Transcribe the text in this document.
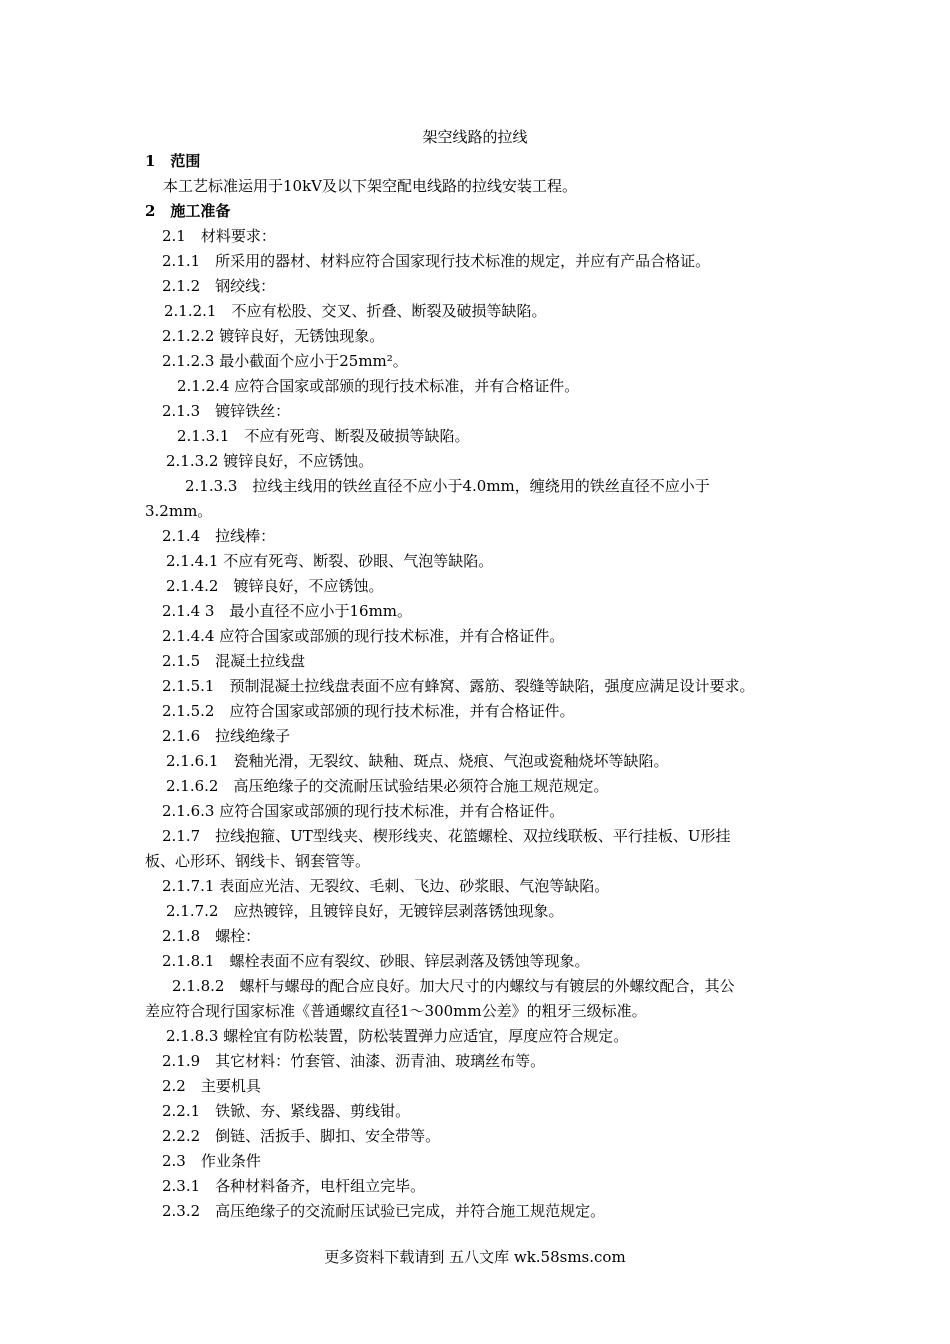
架空线路的拉线
1　范围
本工艺标准运用于10kV及以下架空配电线路的拉线安装工程。
2　施工准备
2.1　材料要求：
2.1.1　所采用的器材、材料应符合国家现行技术标准的规定，并应有产品合格证。
2.1.2　钢绞线：
2.1.2.1　不应有松股、交叉、折叠、断裂及破损等缺陷。
2.1.2.2 镀锌良好，无锈蚀现象。
2.1.2.3 最小截面个应小于25mm²。
2.1.2.4 应符合国家或部颁的现行技术标准，并有合格证件。
2.1.3　镀锌铁丝：
2.1.3.1　不应有死弯、断裂及破损等缺陷。
2.1.3.2 镀锌良好，不应锈蚀。
2.1.3.3　拉线主线用的铁丝直径不应小于4.0mm，缠绕用的铁丝直径不应小于
3.2mm。
2.1.4　拉线棒：
2.1.4.1 不应有死弯、断裂、砂眼、气泡等缺陷。
2.1.4.2　镀锌良好，不应锈蚀。
2.1.4 3　最小直径不应小于16mm。
2.1.4.4 应符合国家或部颁的现行技术标准，并有合格证件。
2.1.5　混凝土拉线盘
2.1.5.1　预制混凝土拉线盘表面不应有蜂窝、露筋、裂缝等缺陷，强度应满足设计要求。
2.1.5.2　应符合国家或部颁的现行技术标准，并有合格证件。
2.1.6　拉线绝缘子
2.1.6.1　瓷釉光滑，无裂纹、缺釉、斑点、烧痕、气泡或瓷釉烧坏等缺陷。
2.1.6.2　高压绝缘子的交流耐压试验结果必须符合施工规范规定。
2.1.6.3 应符合国家或部颁的现行技术标准，并有合格证件。
2.1.7　拉线抱箍、UT型线夹、楔形线夹、花篮螺栓、双拉线联板、平行挂板、U形挂
板、心形环、钢线卡、钢套管等。
2.1.7.1 表面应光洁、无裂纹、毛刺、飞边、砂浆眼、气泡等缺陷。
2.1.7.2　应热镀锌，且镀锌良好，无镀锌层剥落锈蚀现象。
2.1.8　螺栓：
2.1.8.1　螺栓表面不应有裂纹、砂眼、锌层剥落及锈蚀等现象。
2.1.8.2　螺杆与螺母的配合应良好。加大尺寸的内螺纹与有镀层的外螺纹配合，其公
差应符合现行国家标准《普通螺纹直径1～300mm公差》的粗牙三级标准。
2.1.8.3 螺栓宜有防松装置，防松装置弹力应适宜，厚度应符合规定。
2.1.9　其它材料：竹套管、油漆、沥青油、玻璃丝布等。
2.2　主要机具
2.2.1　铁锨、夯、紧线器、剪线钳。
2.2.2　倒链、活扳手、脚扣、安全带等。
2.3　作业条件
2.3.1　各种材料备齐，电杆组立完毕。
2.3.2　高压绝缘子的交流耐压试验已完成，并符合施工规范规定。
更多资料下载请到 五八文库 wk.58sms.com
